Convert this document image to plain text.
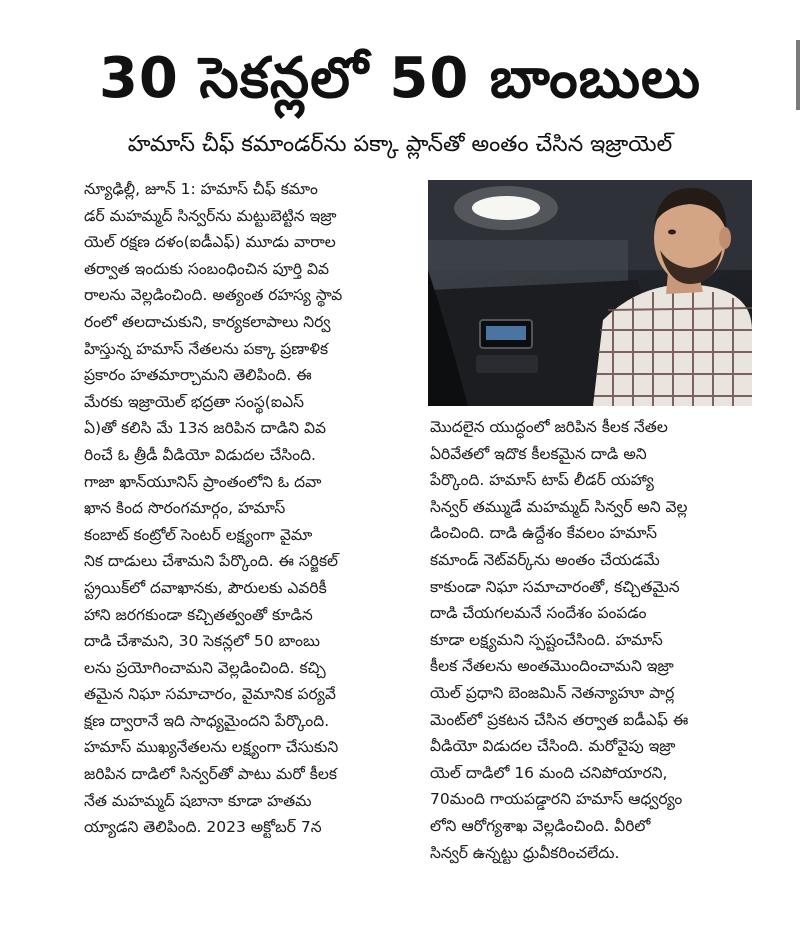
30 సెకన్లలో 50 బాంబులు
హమాస్ చీఫ్ కమాండర్‌ను పక్కా ప్లాన్‌తో అంతం చేసిన ఇజ్రాయెల్
న్యూఢిల్లీ, జూన్ 1: హమాస్ చీఫ్ కమాం
డర్ మహమ్మద్ సిన్వర్‌ను మట్టుబెట్టిన ఇజ్రా
యెల్ రక్షణ దళం(ఐడీఎఫ్) మూడు వారాల
తర్వాత ఇందుకు సంబంధించిన పూర్తి వివ
రాలను వెల్లడించింది. అత్యంత రహస్య స్థావ
రంలో తలదాచుకుని, కార్యకలాపాలు నిర్వ
హిస్తున్న హమాస్ నేతలను పక్కా ప్రణాళిక
ప్రకారం హతమార్చామని తెలిపింది. ఈ
మేరకు ఇజ్రాయెల్ భద్రతా సంస్థ(ఐఎస్
ఏ)తో కలిసి మే 13న జరిపిన దాడిని వివ
రించే ఓ త్రీడీ వీడియో విడుదల చేసింది.
గాజా ఖాన్‌యూనిస్ ప్రాంతంలోని ఓ దవా
ఖాన కింద సొరంగమార్గం, హమాస్
కంబాట్ కంట్రోల్ సెంటర్ లక్ష్యంగా వైమా
నిక దాడులు చేశామని పేర్కొంది. ఈ సర్జికల్
స్ట్రయిక్‌లో దవాఖానకు, పౌరులకు ఎవరికీ
హాని జరగకుండా కచ్చితత్వంతో కూడిన
దాడి చేశామని, 30 సెకన్లలో 50 బాంబు
లను ప్రయోగించామని వెల్లడించింది. కచ్చి
తమైన నిఘా సమాచారం, వైమానిక పర్యవే
క్షణ ద్వారానే ఇది సాధ్యమైందని పేర్కొంది.
హమాస్ ముఖ్యనేతలను లక్ష్యంగా చేసుకుని
జరిపిన దాడిలో సిన్వర్‌తో పాటు మరో కీలక
నేత మహమ్మద్ షబానా కూడా హతమ
య్యాడని తెలిపింది. 2023 అక్టోబర్ 7న
మొదలైన యుద్ధంలో జరిపిన కీలక నేతల
ఏరివేతలో ఇదొక కీలకమైన దాడి అని
పేర్కొంది. హమాస్ టాప్ లీడర్ యహ్యా
సిన్వర్ తమ్ముడే మహమ్మద్ సిన్వర్ అని వెల్ల
డించింది. దాడి ఉద్దేశం కేవలం హమాస్
కమాండ్ నెట్‌వర్క్‌ను అంతం చేయడమే
కాకుండా నిఘా సమాచారంతో, కచ్చితమైన
దాడి చేయగలమనే సందేశం పంపడం
కూడా లక్ష్యమని స్పష్టంచేసింది. హమాస్
కీలక నేతలను అంతమొందించామని ఇజ్రా
యెల్ ప్రధాని బెంజమిన్ నెతన్యాహూ పార్ల
మెంట్‌లో ప్రకటన చేసిన తర్వాత ఐడీఎఫ్ ఈ
వీడియో విడుదల చేసింది. మరోవైపు ఇజ్రా
యెల్ దాడిలో 16 మంది చనిపోయారని,
70మంది గాయపడ్డారని హమాస్ ఆధ్వర్యం
లోని ఆరోగ్యశాఖ వెల్లడించింది. వీరిలో
సిన్వర్ ఉన్నట్టు ధ్రువీకరించలేదు.
